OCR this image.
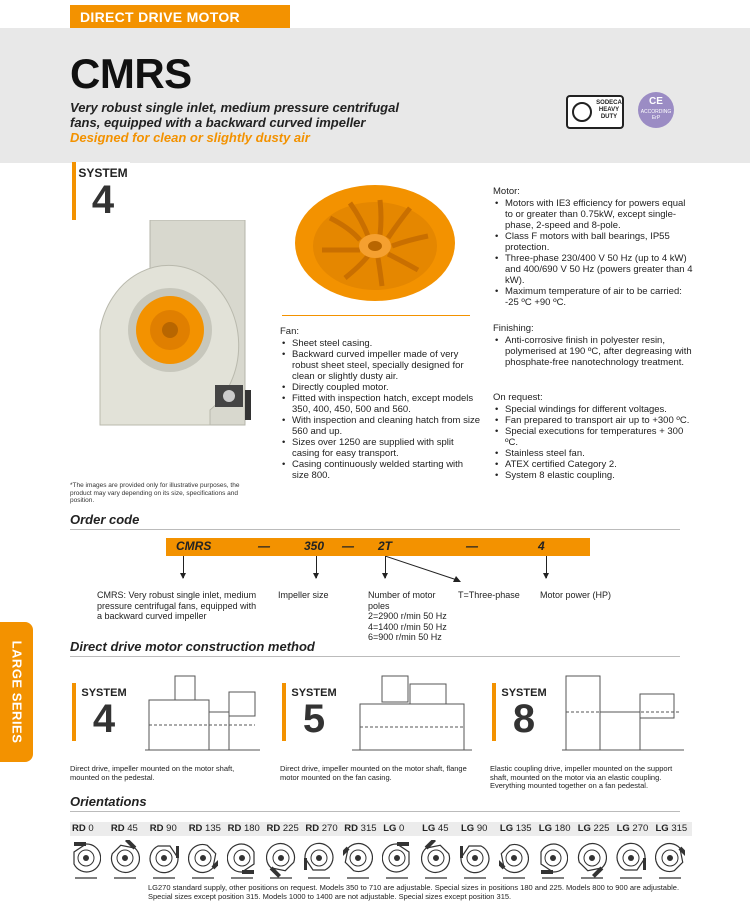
DIRECT DRIVE MOTOR
CMRS
Very robust single inlet, medium pressure centrifugal fans, equipped with a backward curved impeller
Designed for clean or slightly dusty air
SODECA HEAVY DUTY
CE
ACCORDING ErP
SYSTEM
4
*The images are provided only for illustrative purposes, the product may vary depending on its size, specifications and position.
Fan:
• Sheet steel casing.
• Backward curved impeller made of very robust sheet steel, specially designed for clean or slightly dusty air.
• Directly coupled motor.
• Fitted with inspection hatch, except models 350, 400, 450, 500 and 560.
• With inspection and cleaning hatch from size 560 and up.
• Sizes over 1250 are supplied with split casing for easy transport.
• Casing continuously welded starting with size 800.
Motor:
• Motors with IE3 efficiency for powers equal to or greater than 0.75kW, except single-phase, 2-speed and 8-pole.
• Class F motors with ball bearings, IP55 protection.
• Three-phase 230/400 V 50 Hz (up to 4 kW) and 400/690 V 50 Hz (powers greater than 4 kW).
• Maximum temperature of air to be carried: -25 ºC +90 ºC.
Finishing:
• Anti-corrosive finish in polyester resin, polymerised at 190 ºC, after degreasing with phosphate-free nanotechnology treatment.
On request:
• Special windings for different voltages.
• Fan prepared to transport air up to +300 ºC.
• Special executions for temperatures + 300 ºC.
• Stainless steel fan.
• ATEX certified Category 2.
• System 8 elastic coupling.
Order code
CMRS	—	350 — 2T	—	4
CMRS: Very robust single inlet, medium pressure centrifugal fans, equipped with a backward curved impeller
Impeller size	Number of motor poles
2=2900 r/min 50 Hz
4=1400 r/min 50 Hz
6=900 r/min 50 Hz
T=Three-phase Motor power (HP)
LARGE SERIES	Direct drive motor construction method
SYSTEM
4
Direct drive, impeller mounted on the motor shaft, mounted on the pedestal.
SYSTEM
5
Direct drive, impeller mounted on the motor shaft, flange motor mounted on the fan casing.
SYSTEM
8
Elastic coupling drive, impeller mounted on the support shaft, mounted on the motor via an elastic coupling. Everything mounted together on a fan pedestal.
Orientations
RD 0 RD 45 RD 90 RD 135 RD 180 RD 225 RD 270 RD 315 LG 0 LG 45 LG 90 LG 135 LG 180 LG 225 LG 270 LG 315
LG270 standard supply, other positions on request. Models 350 to 710 are adjustable. Special sizes in positions 180 and 225. Models 800 to 900 are adjustable. Special sizes except position 315. Models 1000 to 1400 are not adjustable. Special sizes except position 315.
